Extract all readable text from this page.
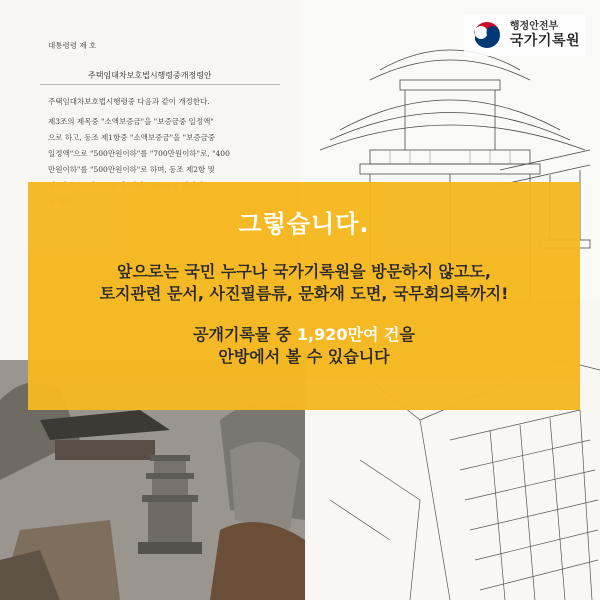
대통령령 제 호
주택임대차보호법시행령중개정령안
주택임대차보호법시행령중 다음과 같이 개정한다.
제3조의 제목중 "소액보증금"을 "보증금중 일정액"
으로 하고, 동조 제1항중 "소액보증금"을 "보증금중
일정액"으로 "500만원이하"를 "700만원이하"로, "400
만원이하"를 "500만원이하"로 하며, 동조 제2항 및
행정안전부
국가기록원
그렇습니다.
앞으로는 국민 누구나 국가기록원을 방문하지 않고도,
토지관련 문서, 사진필름류, 문화재 도면, 국무회의록까지!
공개기록물 중 1,920만여 건을
안방에서 볼 수 있습니다
